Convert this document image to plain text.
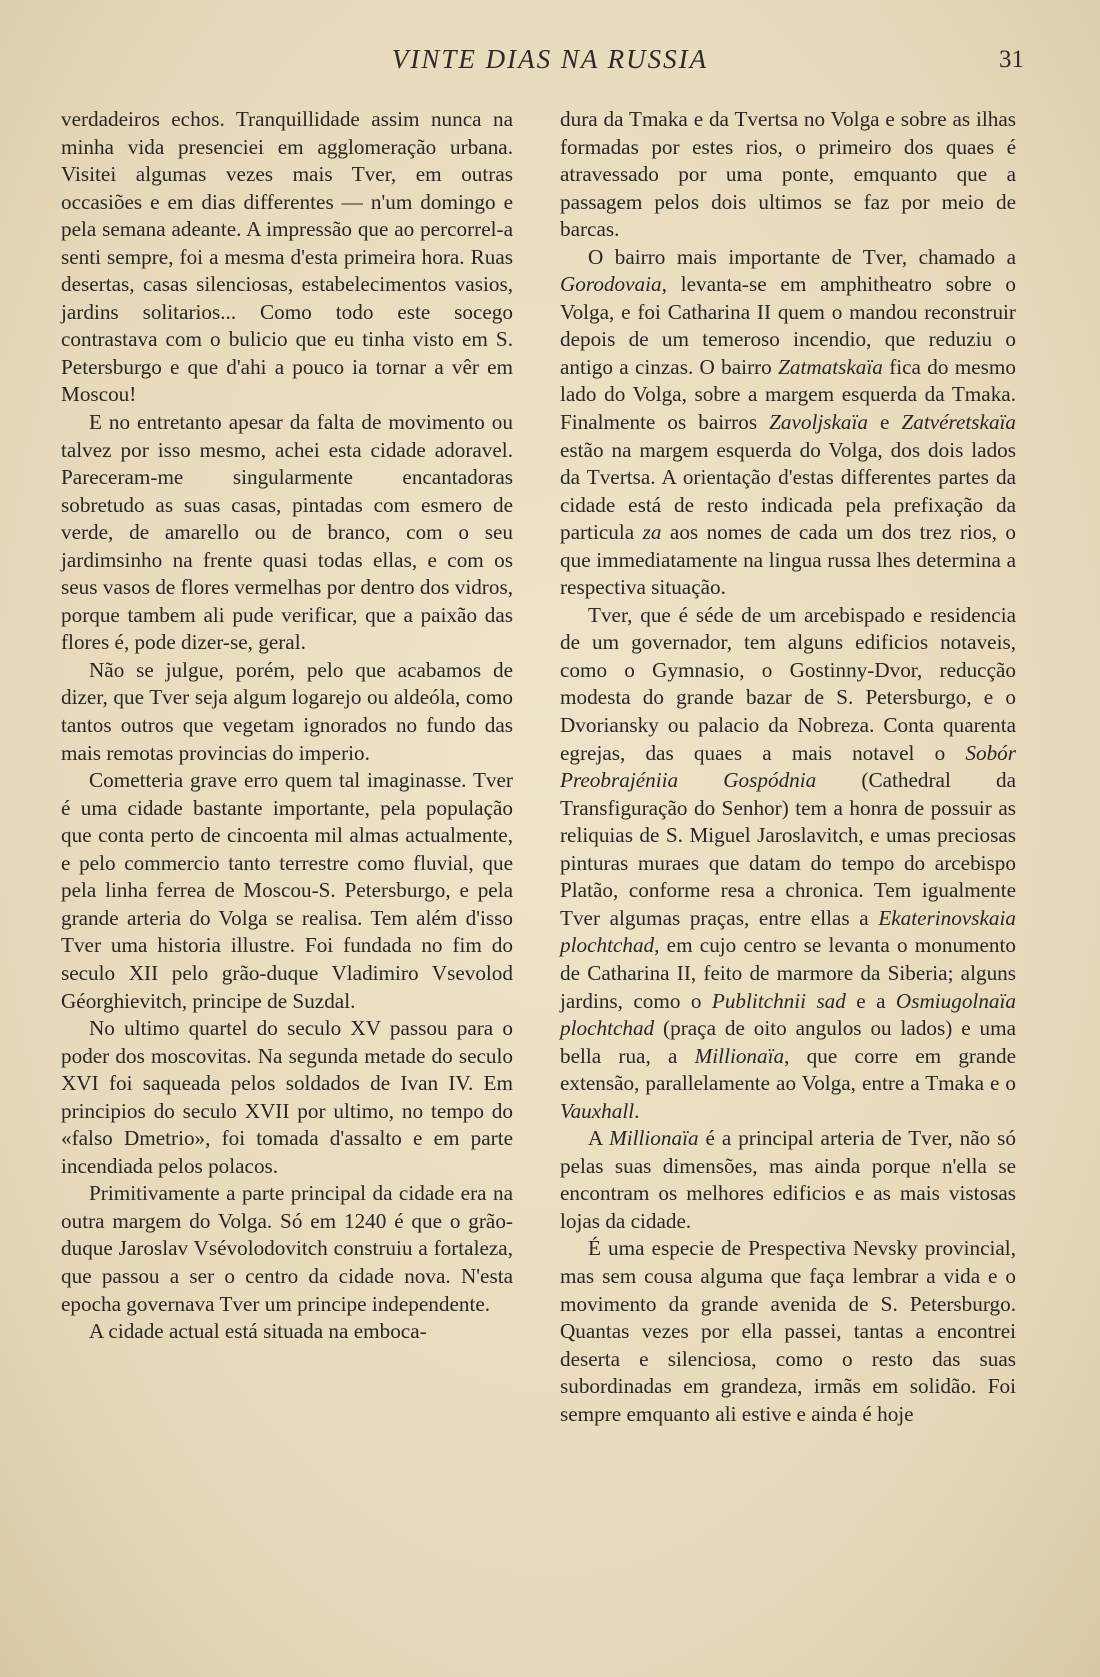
VINTE DIAS NA RUSSIA	31

verdadeiros echos. Tranquillidade assim nunca na minha vida presenciei em agglomeração urbana. Visitei algumas vezes mais Tver, em outras occasiões e em dias differentes — n'um domingo e pela semana adeante. A impressão que ao percorrel-a senti sempre, foi a mesma d'esta primeira hora. Ruas desertas, casas silenciosas, estabelecimentos vasios, jardins solitarios... Como todo este socego contrastava com o bulicio que eu tinha visto em S. Petersburgo e que d'ahi a pouco ia tornar a vêr em Moscou!

E no entretanto apesar da falta de movimento ou talvez por isso mesmo, achei esta cidade adoravel. Pareceram-me singularmente encantadoras sobretudo as suas casas, pintadas com esmero de verde, de amarello ou de branco, com o seu jardimsinho na frente quasi todas ellas, e com os seus vasos de flores vermelhas por dentro dos vidros, porque tambem ali pude verificar, que a paixão das flores é, pode dizer-se, geral.

Não se julgue, porém, pelo que acabamos de dizer, que Tver seja algum logarejo ou aldeóla, como tantos outros que vegetam ignorados no fundo das mais remotas provincias do imperio.

Cometteria grave erro quem tal imaginasse. Tver é uma cidade bastante importante, pela população que conta perto de cincoenta mil almas actualmente, e pelo commercio tanto terrestre como fluvial, que pela linha ferrea de Moscou-S. Petersburgo, e pela grande arteria do Volga se realisa. Tem além d'isso Tver uma historia illustre. Foi fundada no fim do seculo XII pelo grão-duque Vladimiro Vsevolod Géorghievitch, principe de Suzdal.

No ultimo quartel do seculo XV passou para o poder dos moscovitas. Na segunda metade do seculo XVI foi saqueada pelos soldados de Ivan IV. Em principios do seculo XVII por ultimo, no tempo do «falso Dmetrio», foi tomada d'assalto e em parte incendiada pelos polacos.

Primitivamente a parte principal da cidade era na outra margem do Volga. Só em 1240 é que o grão-duque Jaroslav Vsévolodovitch construiu a fortaleza, que passou a ser o centro da cidade nova. N'esta epocha governava Tver um principe independente.

A cidade actual está situada na emboca-

dura da Tmaka e da Tvertsa no Volga e sobre as ilhas formadas por estes rios, o primeiro dos quaes é atravessado por uma ponte, emquanto que a passagem pelos dois ultimos se faz por meio de barcas.

O bairro mais importante de Tver, chamado a Gorodovaia, levanta-se em amphitheatro sobre o Volga, e foi Catharina II quem o mandou reconstruir depois de um temeroso incendio, que reduziu o antigo a cinzas. O bairro Zatmatskaïa fica do mesmo lado do Volga, sobre a margem esquerda da Tmaka. Finalmente os bairros Zavoljskaïa e Zatvéretskaïa estão na margem esquerda do Volga, dos dois lados da Tvertsa. A orientação d'estas differentes partes da cidade está de resto indicada pela prefixação da particula za aos nomes de cada um dos trez rios, o que immediatamente na lingua russa lhes determina a respectiva situação.

Tver, que é séde de um arcebispado e residencia de um governador, tem alguns edificios notaveis, como o Gymnasio, o Gostinny-Dvor, reducção modesta do grande bazar de S. Petersburgo, e o Dvoriansky ou palacio da Nobreza. Conta quarenta egrejas, das quaes a mais notavel o Sobór Preobrajéniia Gospódnia (Cathedral da Transfiguração do Senhor) tem a honra de possuir as reliquias de S. Miguel Jaroslavitch, e umas preciosas pinturas muraes que datam do tempo do arcebispo Platão, conforme resa a chronica. Tem igualmente Tver algumas praças, entre ellas a Ekaterinovskaia plochtchad, em cujo centro se levanta o monumento de Catharina II, feito de marmore da Siberia; alguns jardins, como o Publitchnii sad e a Osmiugolnaïa plochtchad (praça de oito angulos ou lados) e uma bella rua, a Millionaïa, que corre em grande extensão, parallelamente ao Volga, entre a Tmaka e o Vauxhall.

A Millionaïa é a principal arteria de Tver, não só pelas suas dimensões, mas ainda porque n'ella se encontram os melhores edificios e as mais vistosas lojas da cidade.

É uma especie de Prespectiva Nevsky provincial, mas sem cousa alguma que faça lembrar a vida e o movimento da grande avenida de S. Petersburgo. Quantas vezes por ella passei, tantas a encontrei deserta e silenciosa, como o resto das suas subordinadas em grandeza, irmãs em solidão. Foi sempre emquanto ali estive e ainda é hoje
